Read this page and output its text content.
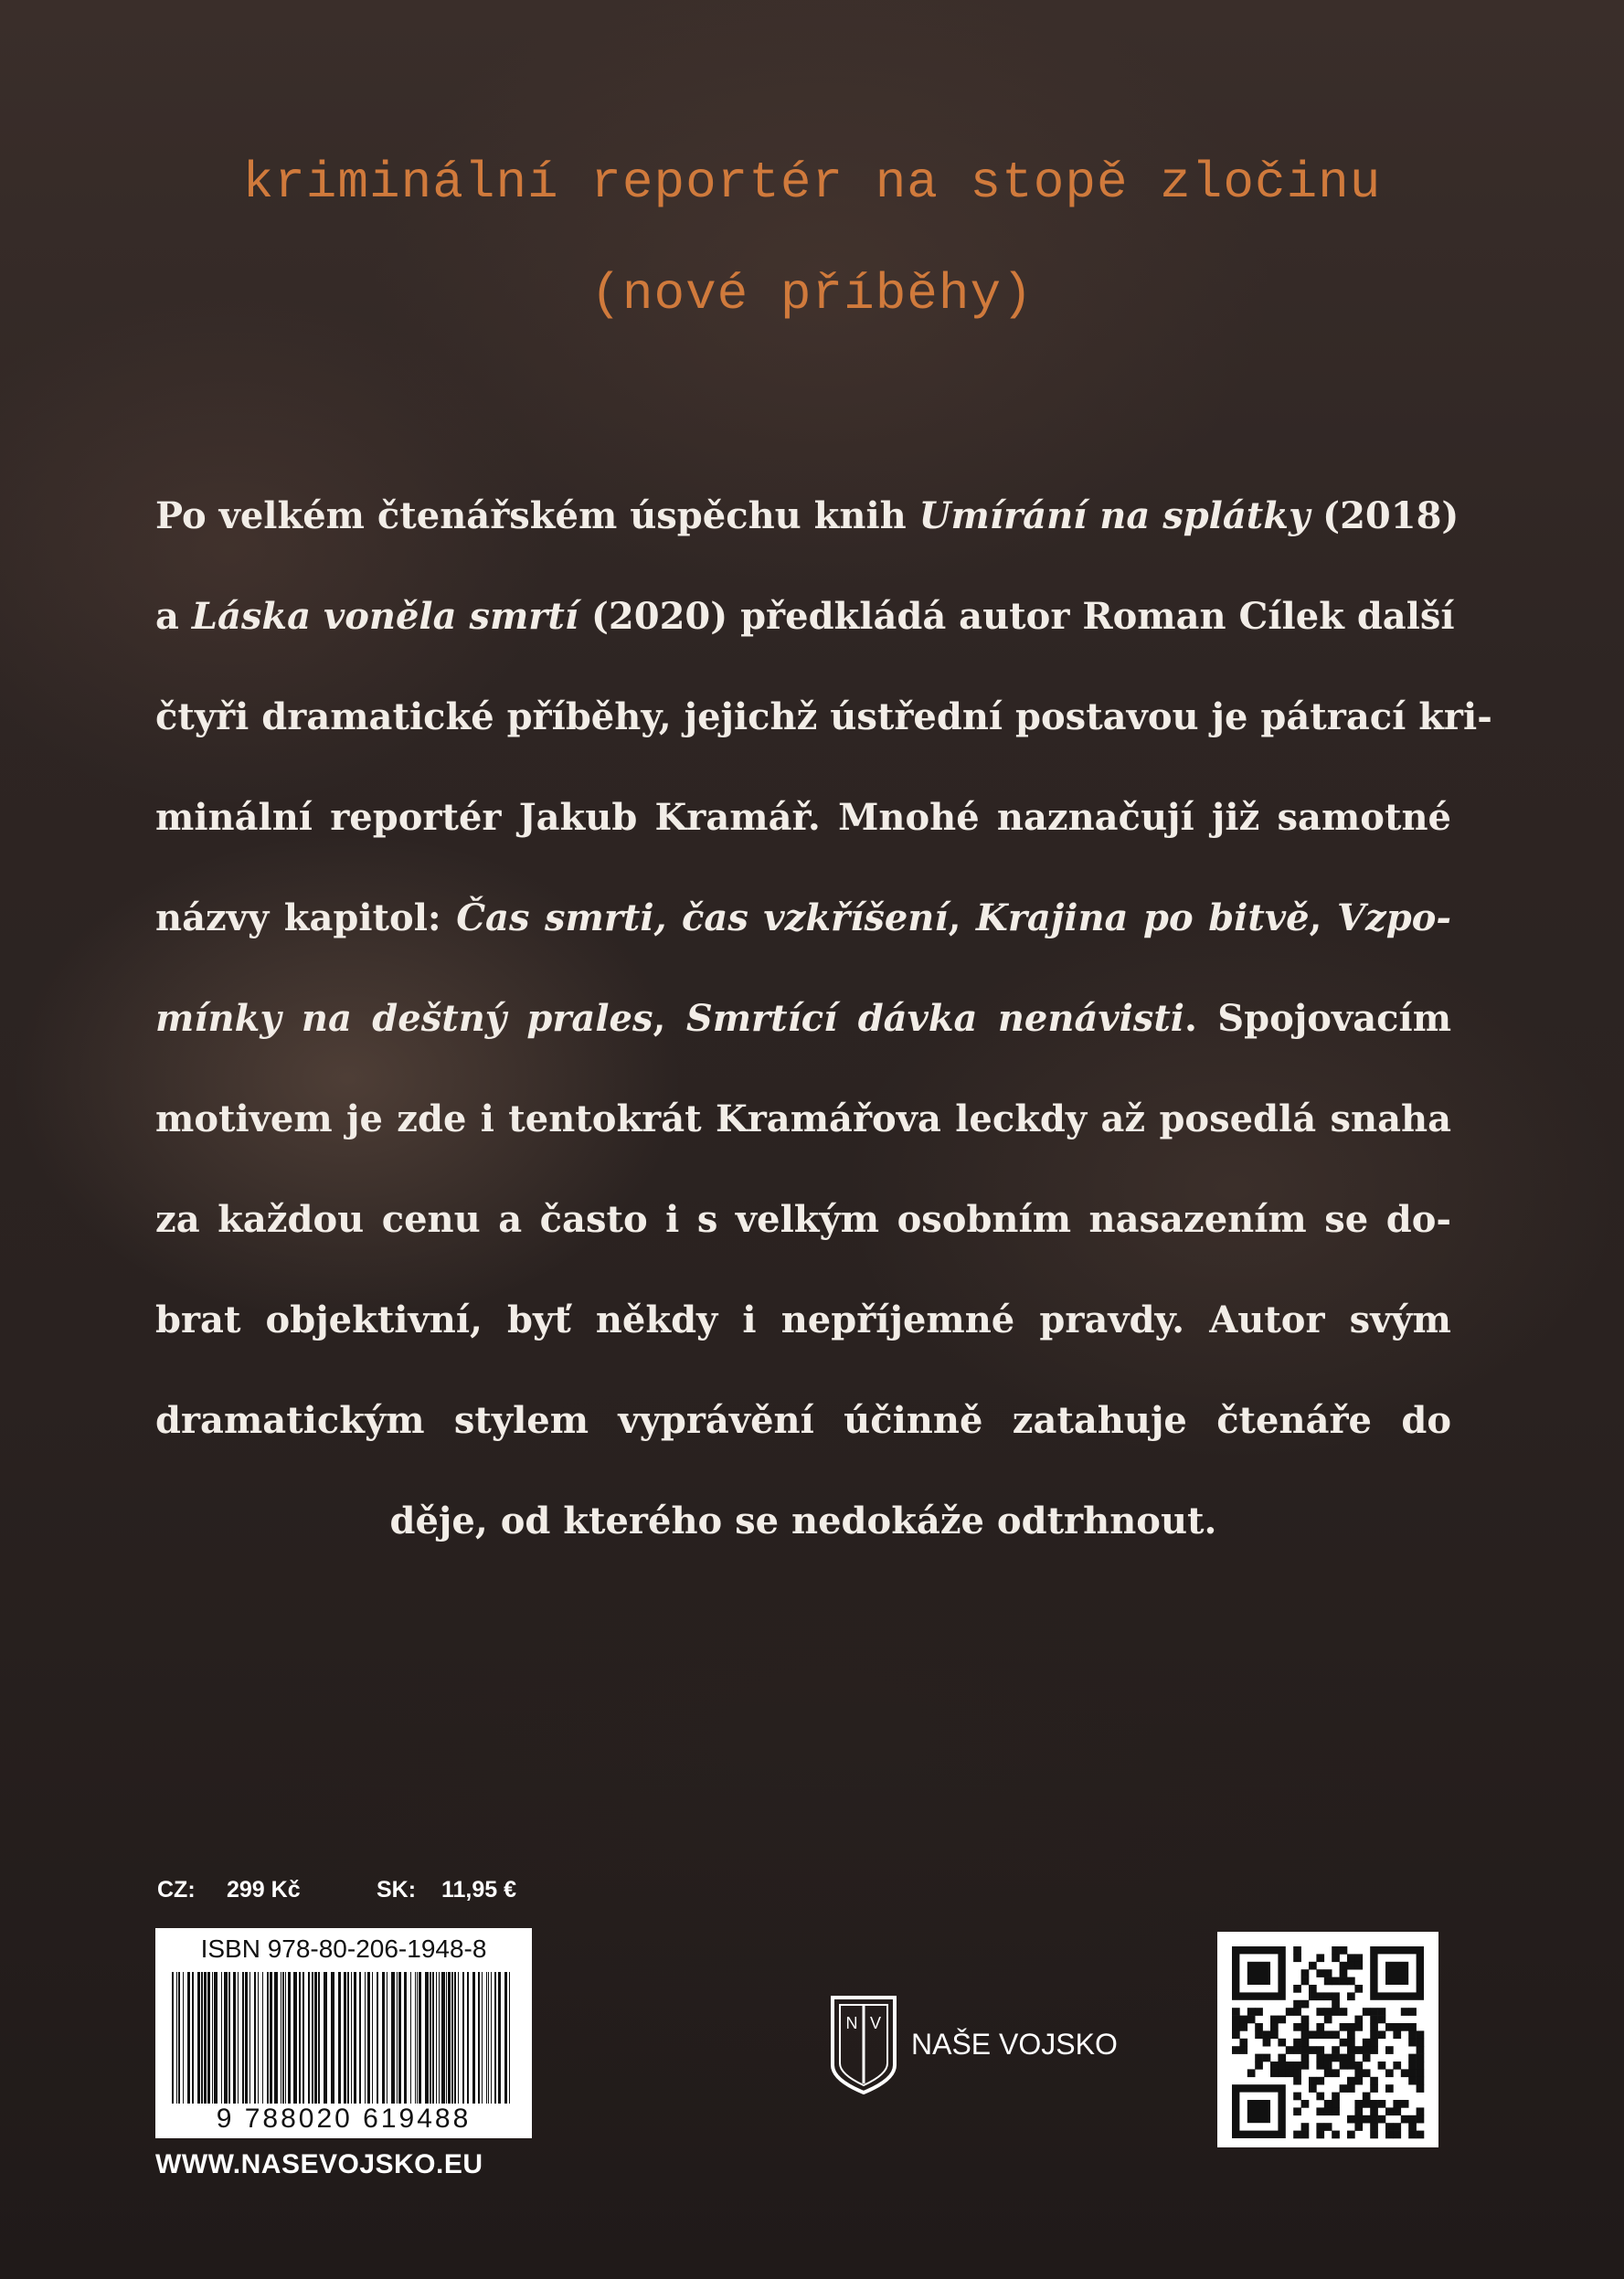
kriminální reportér na stopě zločinu

(nové příběhy)

Po velkém čtenářském úspěchu knih Umírání na splátky (2018)
a Láska voněla smrtí (2020) předkládá autor Roman Cílek další
čtyři dramatické příběhy, jejichž ústřední postavou je pátrací kri-
minální reportér Jakub Kramář. Mnohé naznačují již samotné
názvy kapitol: Čas smrti, čas vzkříšení, Krajina po bitvě, Vzpo-
mínky na deštný prales, Smrtící dávka nenávisti. Spojovacím
motivem je zde i tentokrát Kramářova leckdy až posedlá snaha
za každou cenu a často i s velkým osobním nasazením se do-
brat objektivní, byť někdy i nepříjemné pravdy. Autor svým
dramatickým stylem vyprávění účinně zatahuje čtenáře do
děje, od kterého se nedokáže odtrhnout.
CZ: 299 Kč	SK: 11,95 €
ISBN 978-80-206-1948-8
9 788020 619488
WWW.NASEVOJSKO.EU
N V
NAŠE VOJSKO
